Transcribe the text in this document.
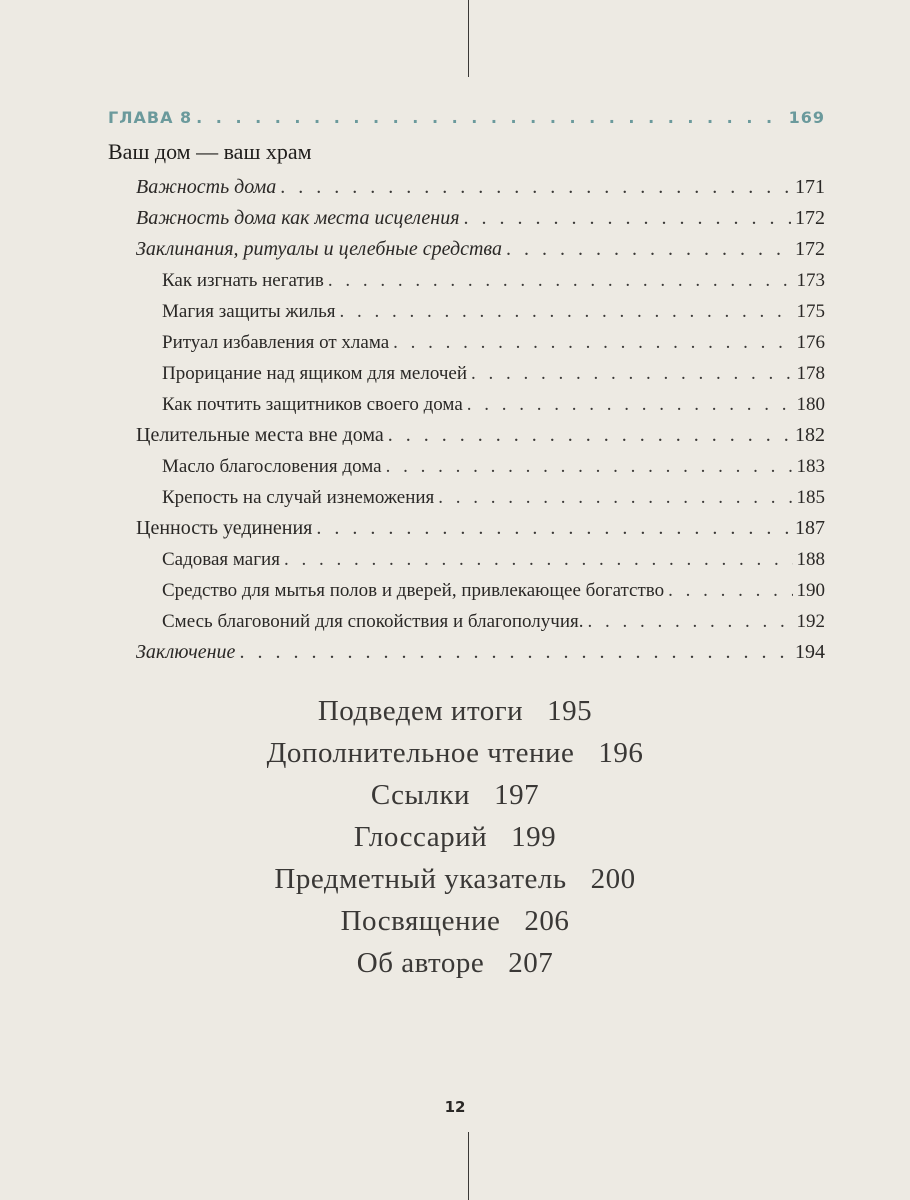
ГЛАВА 8 . . .	169
Ваш дом — ваш храм
Важность дома . . .	171
Важность дома как места исцеления . . .	172
Заклинания, ритуалы и целебные средства . . .	172
Как изгнать негатив . . .	173
Магия защиты жилья . . .	175
Ритуал избавления от хлама . . .	176
Прорицание над ящиком для мелочей . . .	178
Как почтить защитников своего дома . . .	180
Целительные места вне дома . . .	182
Масло благословения дома . . .	183
Крепость на случай изнеможения . . .	185
Ценность уединения . . .	187
Садовая магия . . .	188
Средство для мытья полов и дверей, привлекающее богатство . . .	190
Смесь благовоний для спокойствия и благополучия. . . .	192
Заключение . . .	194
Подведем итоги 195
Дополнительное чтение 196
Ссылки 197
Глоссарий 199
Предметный указатель 200
Посвящение 206
Об авторе 207
12
